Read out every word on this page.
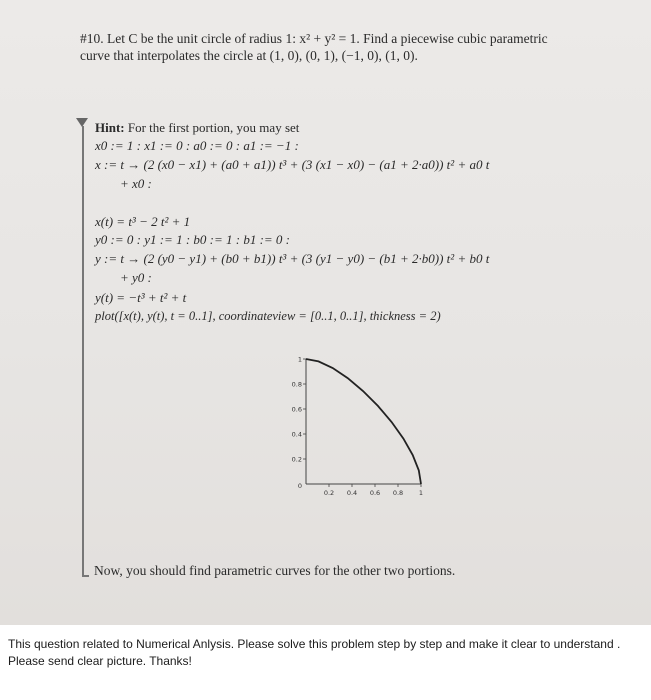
#10. Let C be the unit circle of radius 1: x² + y² = 1. Find a piecewise cubic parametric
curve that interpolates the circle at (1, 0), (0, 1), (−1, 0), (1, 0).
Hint: For the first portion, you may set
x0 := 1 : x1 := 0 : a0 := 0 : a1 := −1 :
x := t → (2 (x0 − x1) + (a0 + a1)) t³ + (3 (x1 − x0) − (a1 + 2·a0)) t² + a0 t
+ x0 :
x(t) = t³ − 2 t² + 1
y0 := 0 : y1 := 1 : b0 := 1 : b1 := 0 :
y := t → (2 (y0 − y1) + (b0 + b1)) t³ + (3 (y1 − y0) − (b1 + 2·b0)) t² + b0 t
+ y0 :
y(t) = −t³ + t² + t
plot([x(t), y(t), t = 0..1], coordinateview = [0..1, 0..1], thickness = 2)
0.2 0.4 0.6 0.8 1
0.2
0.4
0.6
0.8
1
0
Now, you should find parametric curves for the other two portions.
This question related to Numerical Anlysis. Please solve this problem step by step and make it clear to understand . Please send clear picture. Thanks!
